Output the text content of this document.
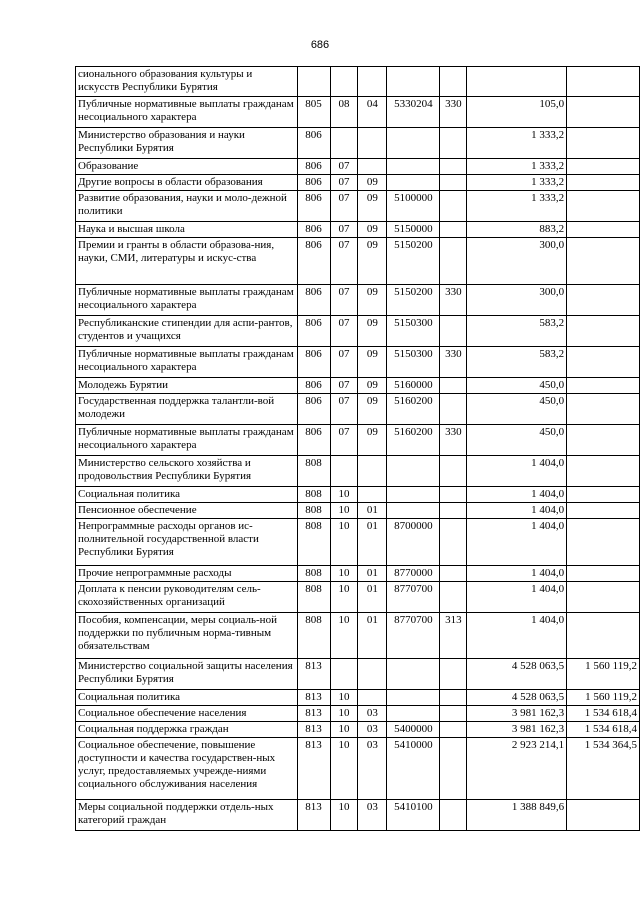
686
сионального образования культуры и искусств Республики Бурятия							
Публичные нормативные выплаты гражданам несоциального характера	805	08	04	5330204	330	105,0	
Министерство образования и науки Республики Бурятия	806					1 333,2	
Образование	806	07				1 333,2	
Другие вопросы в области образования	806	07	09			1 333,2	
Развитие образования, науки и моло-дежной политики	806	07	09	5100000		1 333,2	
Наука и высшая школа	806	07	09	5150000		883,2	
Премии и гранты в области образова-ния, науки, СМИ, литературы и искус-ства	806	07	09	5150200		300,0	
Публичные нормативные выплаты гражданам несоциального характера	806	07	09	5150200	330	300,0	
Республиканские стипендии для аспи-рантов, студентов и учащихся	806	07	09	5150300		583,2	
Публичные нормативные выплаты гражданам несоциального характера	806	07	09	5150300	330	583,2	
Молодежь Бурятии	806	07	09	5160000		450,0	
Государственная поддержка талантли-вой молодежи	806	07	09	5160200		450,0	
Публичные нормативные выплаты гражданам несоциального характера	806	07	09	5160200	330	450,0	
Министерство сельского хозяйства и продовольствия Республики Бурятия	808					1 404,0	
Социальная политика	808	10				1 404,0	
Пенсионное обеспечение	808	10	01			1 404,0	
Непрограммные расходы органов ис-полнительной государственной власти Республики Бурятия	808	10	01	8700000		1 404,0	
Прочие непрограммные расходы	808	10	01	8770000		1 404,0	
Доплата к пенсии руководителям сель-скохозяйственных организаций	808	10	01	8770700		1 404,0	
Пособия, компенсации, меры социаль-ной поддержки по публичным норма-тивным обязательствам	808	10	01	8770700	313	1 404,0	
Министерство социальной защиты населения Республики Бурятия	813					4 528 063,5	1 560 119,2
Социальная политика	813	10				4 528 063,5	1 560 119,2
Социальное обеспечение населения	813	10	03			3 981 162,3	1 534 618,4
Социальная поддержка граждан	813	10	03	5400000		3 981 162,3	1 534 618,4
Социальное обеспечение, повышение доступности и качества государствен-ных услуг, предоставляемых учрежде-ниями социального обслуживания населения	813	10	03	5410000		2 923 214,1	1 534 364,5
Меры социальной поддержки отдель-ных категорий граждан	813	10	03	5410100		1 388 849,6	
